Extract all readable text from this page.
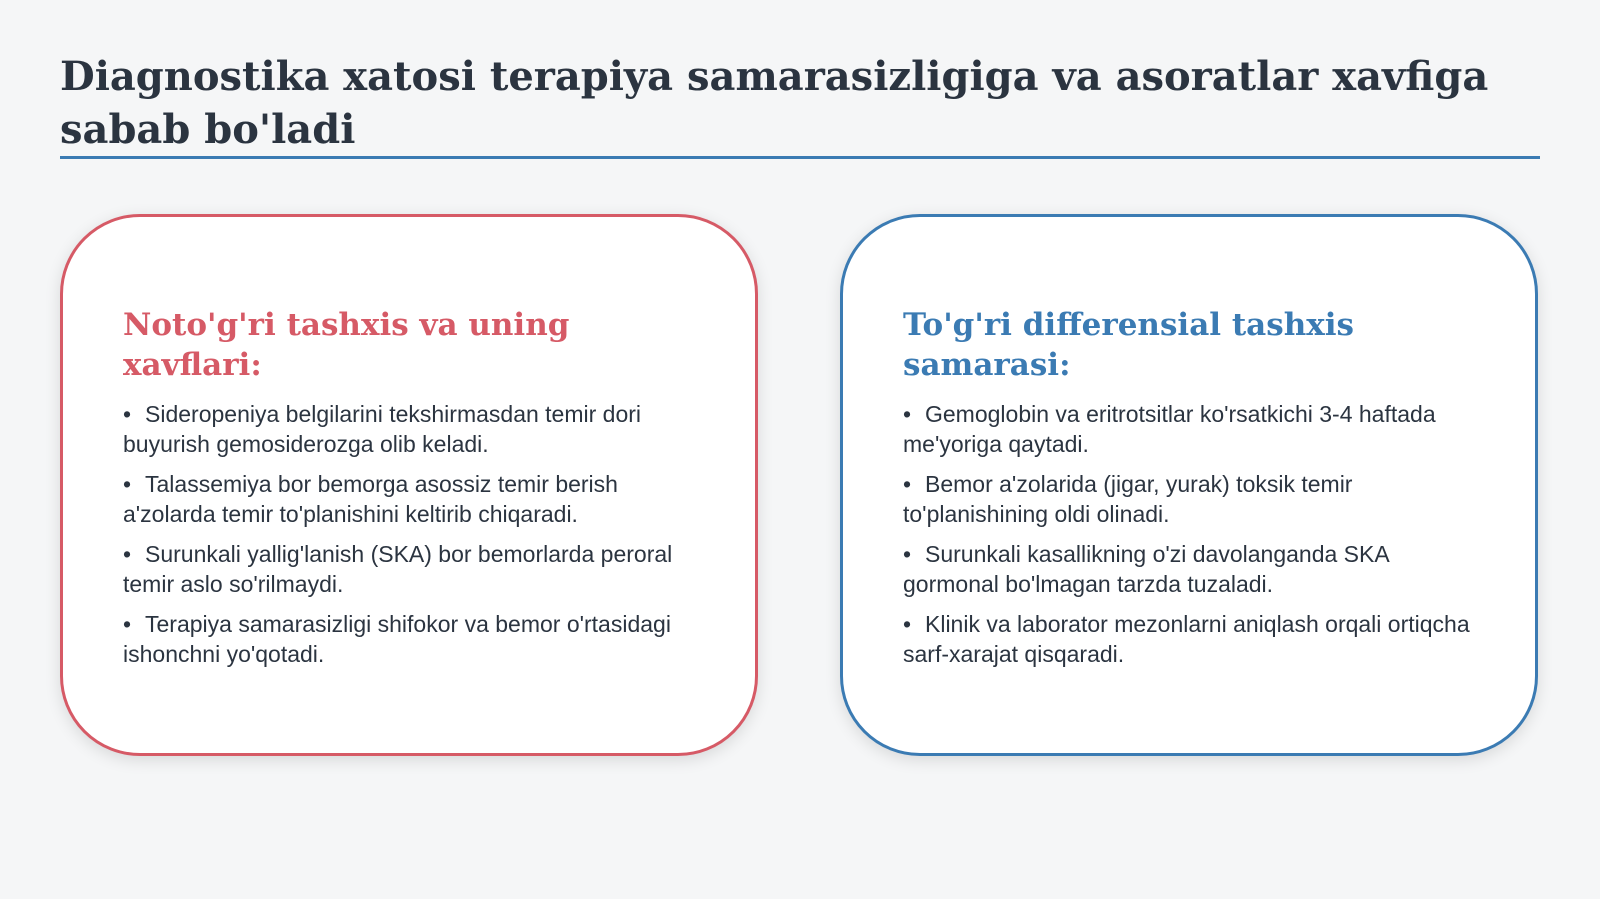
Diagnostika xatosi terapiya samarasizligiga va asoratlar xavfiga sabab bo'ladi
Noto'g'ri tashxis va uning xavflari:
• Sideropeniya belgilarini tekshirmasdan temir dori buyurish gemosiderozga olib keladi.
• Talassemiya bor bemorga asossiz temir berish a'zolarda temir to'planishini keltirib chiqaradi.
• Surunkali yallig'lanish (SKA) bor bemorlarda peroral temir aslo so'rilmaydi.
• Terapiya samarasizligi shifokor va bemor o'rtasidagi ishonchni yo'qotadi.
To'g'ri differensial tashxis samarasi:
• Gemoglobin va eritrotsitlar ko'rsatkichi 3-4 haftada me'yoriga qaytadi.
• Bemor a'zolarida (jigar, yurak) toksik temir to'planishining oldi olinadi.
• Surunkali kasallikning o'zi davolanganda SKA gormonal bo'lmagan tarzda tuzaladi.
• Klinik va laborator mezonlarni aniqlash orqali ortiqcha sarf-xarajat qisqaradi.
